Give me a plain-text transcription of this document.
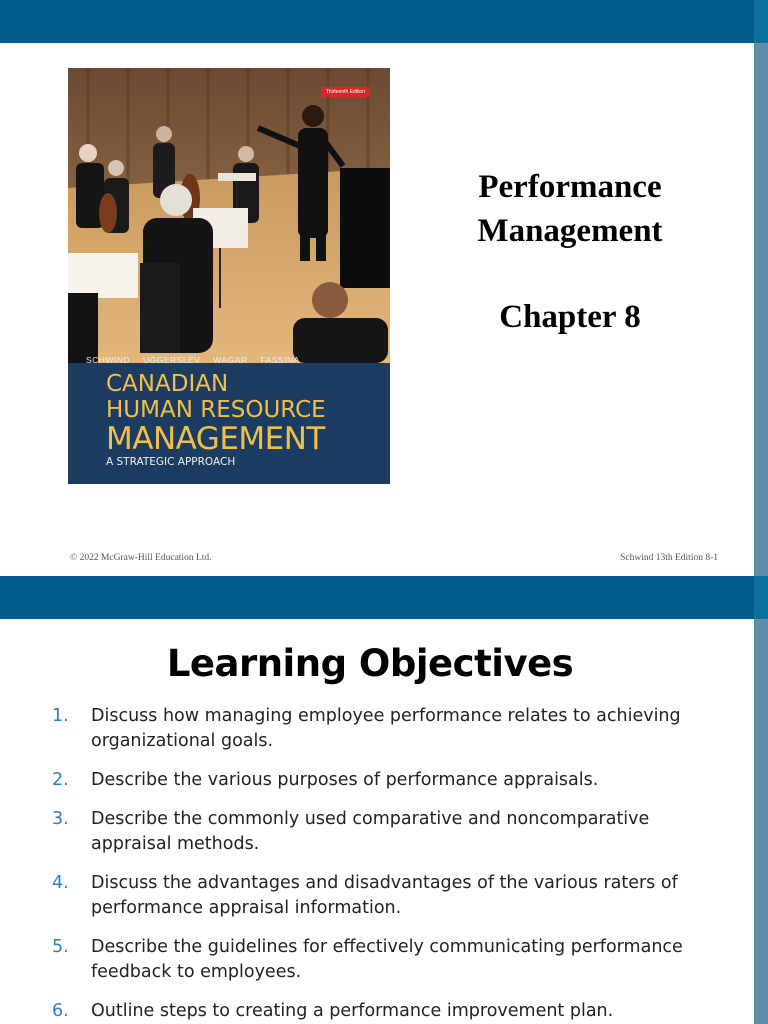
Thirteenth Edition
SCHWIND UGGERSLEV WAGAR FASSINA
CANADIAN
HUMAN RESOURCE
MANAGEMENT
A STRATEGIC APPROACH
Performance
Management
Chapter 8
© 2022 McGraw-Hill Education Ltd.	Schwind 13th Edition 8-1
Learning Objectives
1. Discuss how managing employee performance relates to achieving organizational goals.
2. Describe the various purposes of performance appraisals.
3. Describe the commonly used comparative and noncomparative appraisal methods.
4. Discuss the advantages and disadvantages of the various raters of performance appraisal information.
5. Describe the guidelines for effectively communicating performance feedback to employees.
6. Outline steps to creating a performance improvement plan.
